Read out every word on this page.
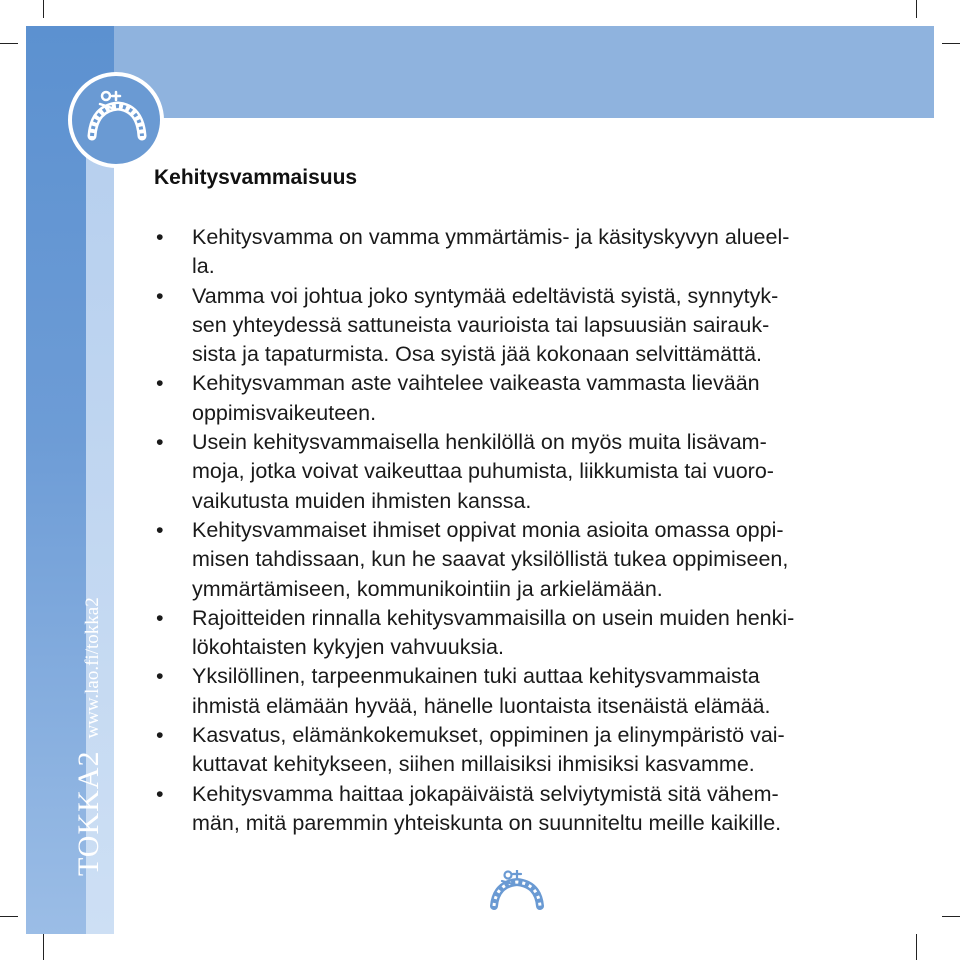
TOKKA2www.lao.fi/tokka2
Kehitysvammaisuus
• Kehitysvamma on vamma ymmärtämis- ja käsityskyvyn alueel-
la.
• Vamma voi johtua joko syntymää edeltävistä syistä, synnytyk-
sen yhteydessä sattuneista vaurioista tai lapsuusiän sairauk-
sista ja tapaturmista. Osa syistä jää kokonaan selvittämättä.
• Kehitysvamman aste vaihtelee vaikeasta vammasta lievään
oppimisvaikeuteen.
• Usein kehitysvammaisella henkilöllä on myös muita lisävam-
moja, jotka voivat vaikeuttaa puhumista, liikkumista tai vuoro-
vaikutusta muiden ihmisten kanssa.
• Kehitysvammaiset ihmiset oppivat monia asioita omassa oppi-
misen tahdissaan, kun he saavat yksilöllistä tukea oppimiseen,
ymmärtämiseen, kommunikointiin ja arkielämään.
• Rajoitteiden rinnalla kehitysvammaisilla on usein muiden henki-
lökohtaisten kykyjen vahvuuksia.
• Yksilöllinen, tarpeenmukainen tuki auttaa kehitysvammaista
ihmistä elämään hyvää, hänelle luontaista itsenäistä elämää.
• Kasvatus, elämänkokemukset, oppiminen ja elinympäristö vai-
kuttavat kehitykseen, siihen millaisiksi ihmisiksi kasvamme.
• Kehitysvamma haittaa jokapäiväistä selviytymistä sitä vähem-
män, mitä paremmin yhteiskunta on suunniteltu meille kaikille.
